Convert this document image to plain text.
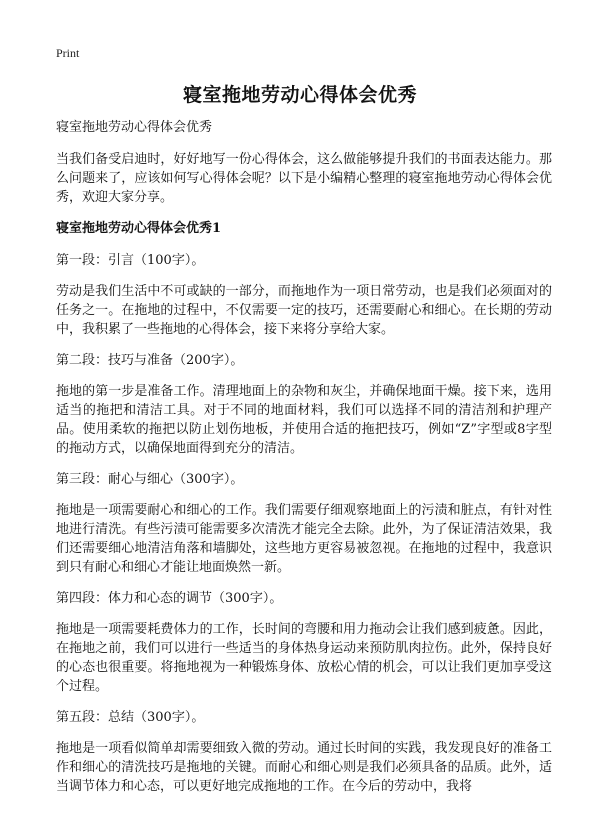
Print
寝室拖地劳动心得体会优秀

寝室拖地劳动心得体会优秀

当我们备受启迪时，好好地写一份心得体会，这么做能够提升我们的书面表达能力。那么问题来了，应该如何写心得体会呢？以下是小编精心整理的寝室拖地劳动心得体会优秀，欢迎大家分享。

寝室拖地劳动心得体会优秀1

第一段：引言（100字）。

劳动是我们生活中不可或缺的一部分，而拖地作为一项日常劳动，也是我们必须面对的任务之一。在拖地的过程中，不仅需要一定的技巧，还需要耐心和细心。在长期的劳动中，我积累了一些拖地的心得体会，接下来将分享给大家。

第二段：技巧与准备（200字）。

拖地的第一步是准备工作。清理地面上的杂物和灰尘，并确保地面干燥。接下来，选用适当的拖把和清洁工具。对于不同的地面材料，我们可以选择不同的清洁剂和护理产品。使用柔软的拖把以防止划伤地板，并使用合适的拖把技巧，例如“Z”字型或8字型的拖动方式，以确保地面得到充分的清洁。

第三段：耐心与细心（300字）。

拖地是一项需要耐心和细心的工作。我们需要仔细观察地面上的污渍和脏点，有针对性地进行清洗。有些污渍可能需要多次清洗才能完全去除。此外，为了保证清洁效果，我们还需要细心地清洁角落和墙脚处，这些地方更容易被忽视。在拖地的过程中，我意识到只有耐心和细心才能让地面焕然一新。

第四段：体力和心态的调节（300字）。

拖地是一项需要耗费体力的工作，长时间的弯腰和用力拖动会让我们感到疲惫。因此，在拖地之前，我们可以进行一些适当的身体热身运动来预防肌肉拉伤。此外，保持良好的心态也很重要。将拖地视为一种锻炼身体、放松心情的机会，可以让我们更加享受这个过程。

第五段：总结（300字）。

拖地是一项看似简单却需要细致入微的劳动。通过长时间的实践，我发现良好的准备工作和细心的清洗技巧是拖地的关键。而耐心和细心则是我们必须具备的品质。此外，适当调节体力和心态，可以更好地完成拖地的工作。在今后的劳动中，我将
